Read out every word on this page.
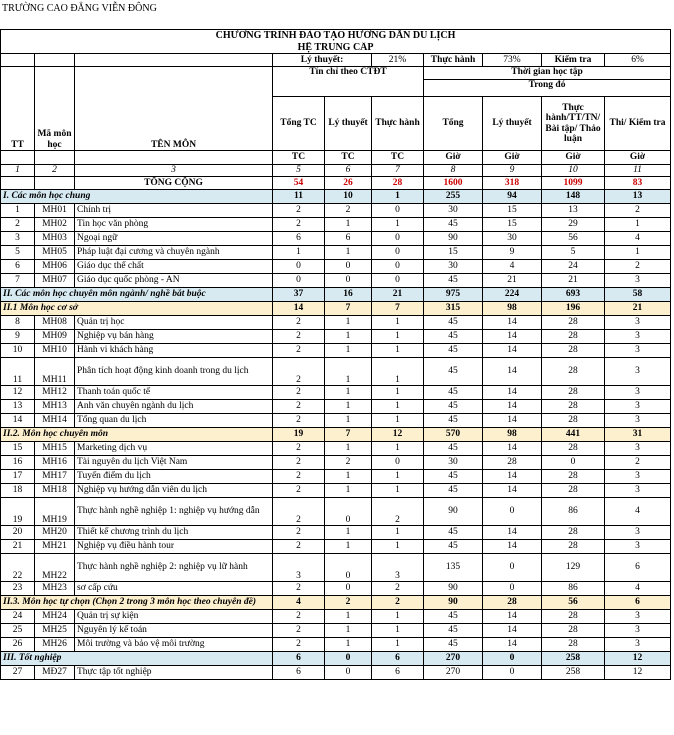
TRƯỜNG CAO ĐẲNG VIỄN ĐÔNG
CHƯƠNG TRÌNH ĐÀO TẠO HƯỚNG DẪN DU LỊCH									
HỆ TRUNG CẤP									
			Lý thuyết:		21%	Thực hành	73%	Kiểm tra	6%
TT	Mã môn học	TÊN MÔN	Tín chỉ theo CTĐT			Thời gian học tập
Trong đó			

			Tổng TC	Lý thuyết	Thực hành	Tổng	Lý thuyết	Thực hành/TT/TN/ Bài tập/ Thảo luận	Thi/ Kiểm tra
			TC	TC	TC	Giờ	Giờ	Giờ	Giờ
1	2	3	5	6	7	8	9	10	11
		TỔNG CỘNG	54	26	28	1600	318	1099	83
I. Các môn học chung			11	10	1	255	94	148	13
1	MH01	Chính trị	2	2	0	30	15	13	2
2	MH02	Tin học văn phòng	2	1	1	45	15	29	1
3	MH03	Ngoại ngữ	6	6	0	90	30	56	4
5	MH05	Pháp luật đại cương và chuyên ngành	1	1	0	15	9	5	1
6	MH06	Giáo dục thể chất	0	0	0	30	4	24	2
7	MH07	Giáo dục quốc phòng - AN	0	0	0	45	21	21	3
II. Các môn học chuyên môn ngành/ nghề bắt buộc			37	16	21	975	224	693	58
II.1 Môn học cơ sở			14	7	7	315	98	196	21
8	MH08	Quản trị học	2	1	1	45	14	28	3
9	MH09	Nghiệp vụ bán hàng	2	1	1	45	14	28	3
10	MH10	Hành vi khách hàng	2	1	1	45	14	28	3
11	MH11	Phân tích hoạt động kinh doanh trong du lịch	2	1	1	45	14	28	3
12	MH12	Thanh toán quốc tế	2	1	1	45	14	28	3
13	MH13	Anh văn chuyên ngành du lịch	2	1	1	45	14	28	3
14	MH14	Tổng quan du lịch	2	1	1	45	14	28	3
II.2. Môn học chuyên môn			19	7	12	570	98	441	31
15	MH15	Marketing dịch vụ	2	1	1	45	14	28	3
16	MH16	Tài nguyên du lịch Việt Nam	2	2	0	30	28	0	2
17	MH17	Tuyến điểm du lịch	2	1	1	45	14	28	3
18	MH18	Nghiệp vụ hướng dẫn viên du lịch	2	1	1	45	14	28	3
19	MH19	Thực hành nghề nghiệp 1: nghiệp vụ hướng dẫn	2	0	2	90	0	86	4
20	MH20	Thiết kế chương trình du lịch	2	1	1	45	14	28	3
21	MH21	Nghiệp vụ điều hành tour	2	1	1	45	14	28	3
22	MH22	Thực hành nghề nghiệp 2: nghiệp vụ lữ hành	3	0	3	135	0	129	6
23	MH23	sơ cấp cứu	2	0	2	90	0	86	4
II.3. Môn học tự chọn (Chọn 2 trong 3 môn học theo chuyên đề)			4	2	2	90	28	56	6
24	MH24	Quản trị sự kiện	2	1	1	45	14	28	3
25	MH25	Nguyên lý kế toán	2	1	1	45	14	28	3
26	MH26	Môi trường và bảo vệ môi trường	2	1	1	45	14	28	3
III. Tốt nghiệp			6	0	6	270	0	258	12
27	MĐ27	Thực tập tốt nghiệp	6	0	6	270	0	258	12
